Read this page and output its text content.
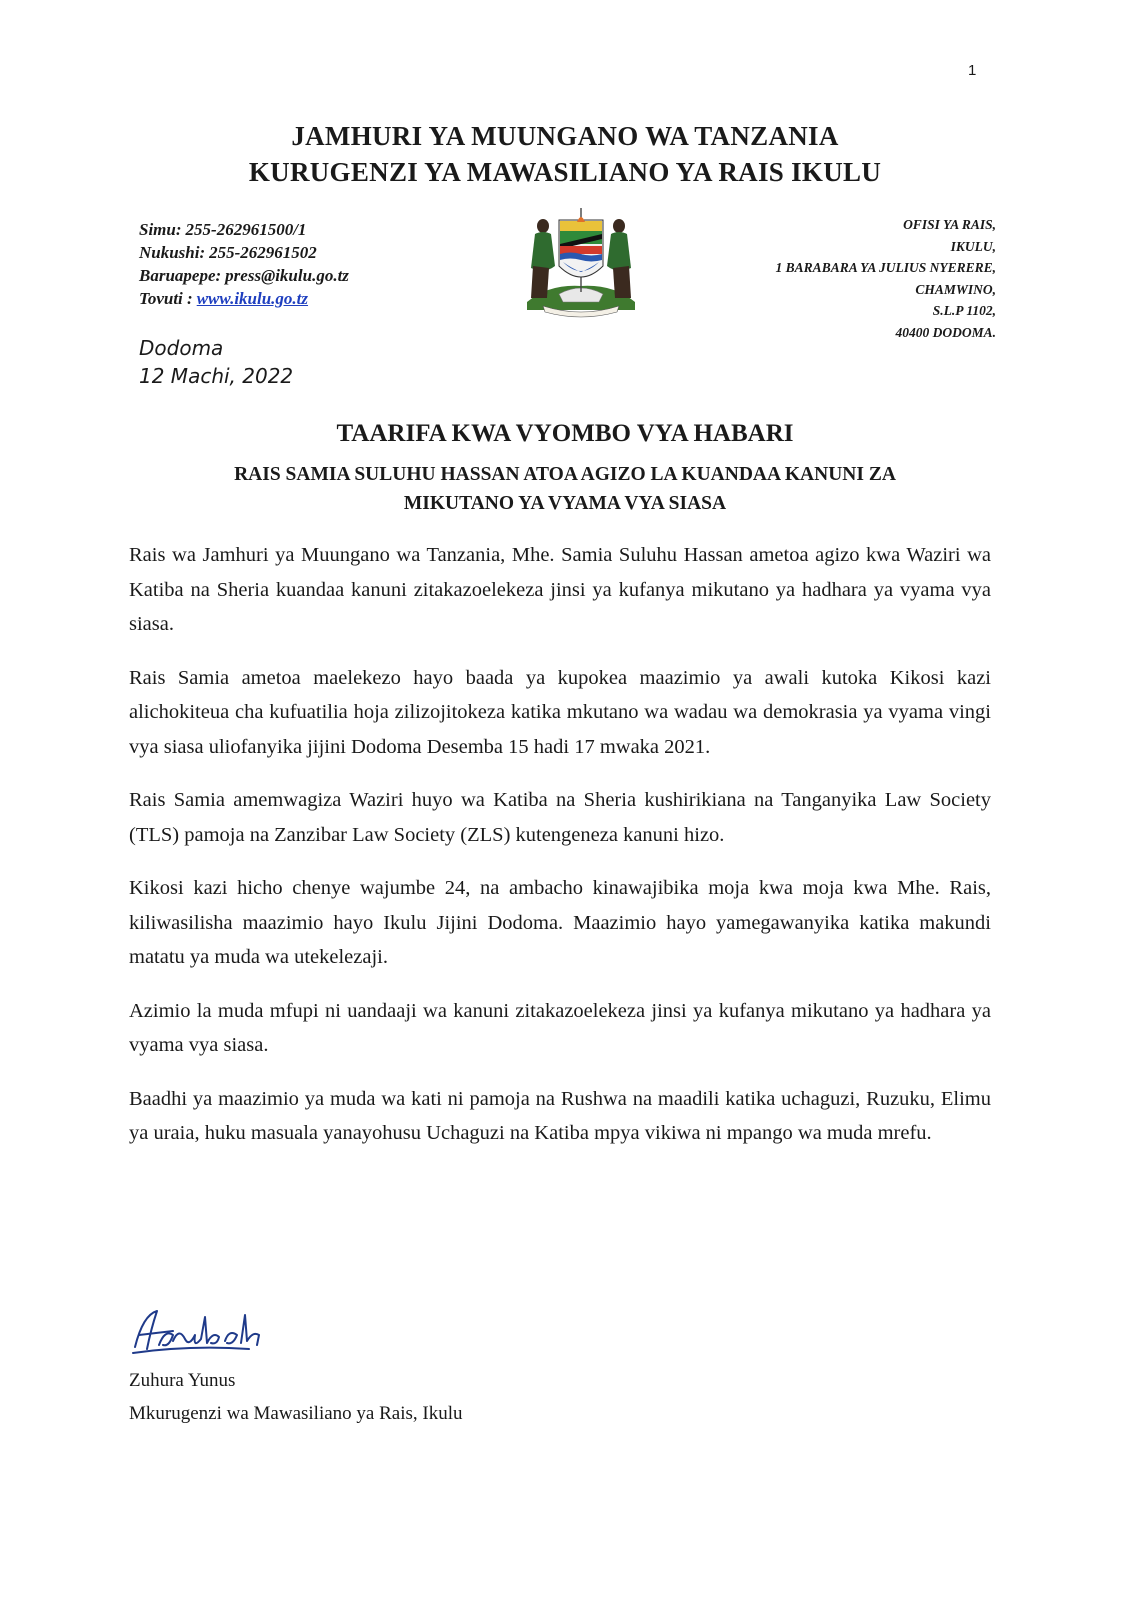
1
JAMHURI YA MUUNGANO WA TANZANIA
KURUGENZI YA MAWASILIANO YA RAIS IKULU
Simu: 255-262961500/1
Nukushi: 255-262961502
Baruapepe: press@ikulu.go.tz
Tovuti : www.ikulu.go.tz
OFISI YA RAIS,
IKULU,
1 BARABARA YA JULIUS NYERERE,
CHAMWINO,
S.L.P 1102,
40400 DODOMA.
Dodoma
12 Machi, 2022
TAARIFA KWA VYOMBO VYA HABARI
RAIS SAMIA SULUHU HASSAN ATOA AGIZO LA KUANDAA KANUNI ZA
MIKUTANO YA VYAMA VYA SIASA

Rais wa Jamhuri ya Muungano wa Tanzania, Mhe. Samia Suluhu Hassan ametoa agizo kwa Waziri wa Katiba na Sheria kuandaa kanuni zitakazoelekeza jinsi ya kufanya mikutano ya hadhara ya vyama vya siasa.

Rais Samia ametoa maelekezo hayo baada ya kupokea maazimio ya awali kutoka Kikosi kazi alichokiteua cha kufuatilia hoja zilizojitokeza katika mkutano wa wadau wa demokrasia ya vyama vingi vya siasa uliofanyika jijini Dodoma Desemba 15 hadi 17 mwaka 2021.

Rais Samia amemwagiza Waziri huyo wa Katiba na Sheria kushirikiana na Tanganyika Law Society (TLS) pamoja na Zanzibar Law Society (ZLS) kutengeneza kanuni hizo.

Kikosi kazi hicho chenye wajumbe 24, na ambacho kinawajibika moja kwa moja kwa Mhe. Rais, kiliwasilisha maazimio hayo Ikulu Jijini Dodoma. Maazimio hayo yamegawanyika katika makundi matatu ya muda wa utekelezaji.

Azimio la muda mfupi ni uandaaji wa kanuni zitakazoelekeza jinsi ya kufanya mikutano ya hadhara ya vyama vya siasa.

Baadhi ya maazimio ya muda wa kati ni pamoja na Rushwa na maadili katika uchaguzi, Ruzuku, Elimu ya uraia, huku masuala yanayohusu Uchaguzi na Katiba mpya vikiwa ni mpango wa muda mrefu.

Zuhura Yunus
Mkurugenzi wa Mawasiliano ya Rais, Ikulu
